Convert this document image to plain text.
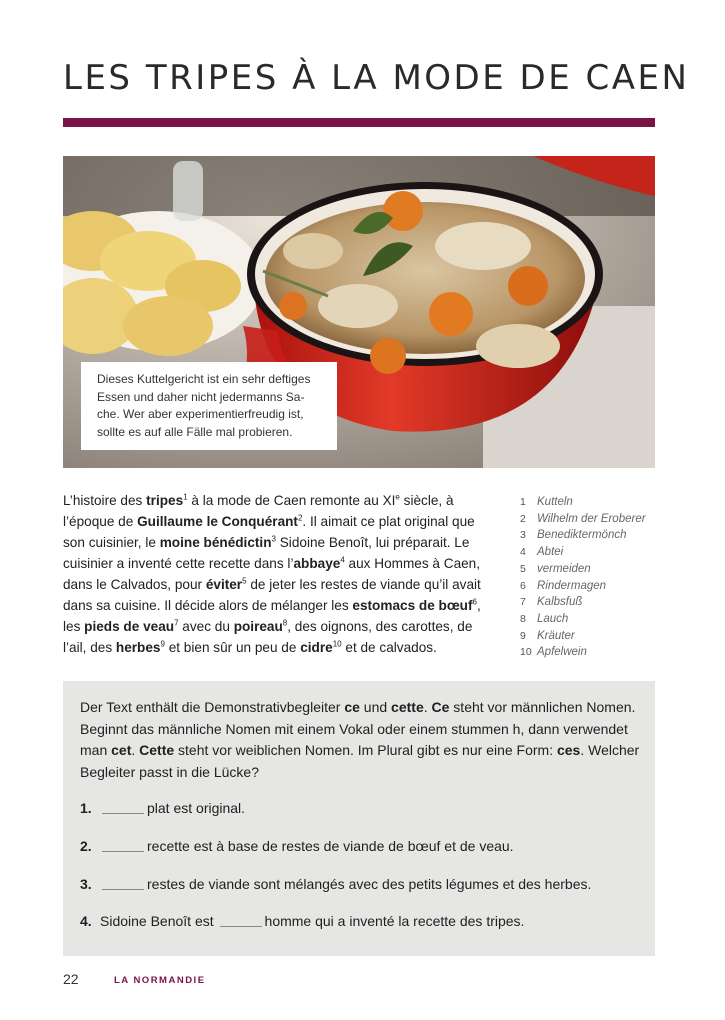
LES TRIPES À LA MODE DE CAEN
Dieses Kuttelgericht ist ein sehr deftiges Essen und daher nicht jedermanns Sa-che. Wer aber experimentierfreudig ist, sollte es auf alle Fälle mal probieren.
L’histoire des tripes$^1$ à la mode de Caen remonte au XIe siècle, à l’époque de Guillaume le Conquérant$^2$. Il aimait ce plat original que son cuisinier, le moine bénédictin$^3$ Sidoine Benoît, lui préparait. Le cuisinier a inventé cette recette dans l’abbaye$^4$ aux Hommes à Caen, dans le Calvados, pour éviter$^5$ de jeter les restes de viande qu’il avait dans sa cuisine. Il décide alors de mélanger les estomacs de bœuf$^6$, les pieds de veau$^7$ avec du poireau$^8$, des oignons, des carottes, de l’ail, des herbes$^9$ et bien sûr un peu de cidre$^{10}$ et de calvados.
1 Kutteln
2 Wilhelm der Eroberer
3 Benediktermönch
4 Abtei
5 vermeiden
6 Rindermagen
7 Kalbsfuß
8 Lauch
9 Kräuter
10 Apfelwein
Der Text enthält die Demonstrativbegleiter ce und cette. Ce steht vor männlichen Nomen. Beginnt das männliche Nomen mit einem Vokal oder einem stummen h, dann verwendet man cet. Cette steht vor weiblichen Nomen. Im Plural gibt es nur eine Form: ces. Welcher Begleiter passt in die Lücke?
1.	plat est original.
2.	recette est à base de restes de viande de bœuf et de veau.
3.	restes de viande sont mélangés avec des petits légumes et des herbes.
4. Sidoine Benoît est	homme qui a inventé la recette des tripes.
22	LA NORMANDIE
